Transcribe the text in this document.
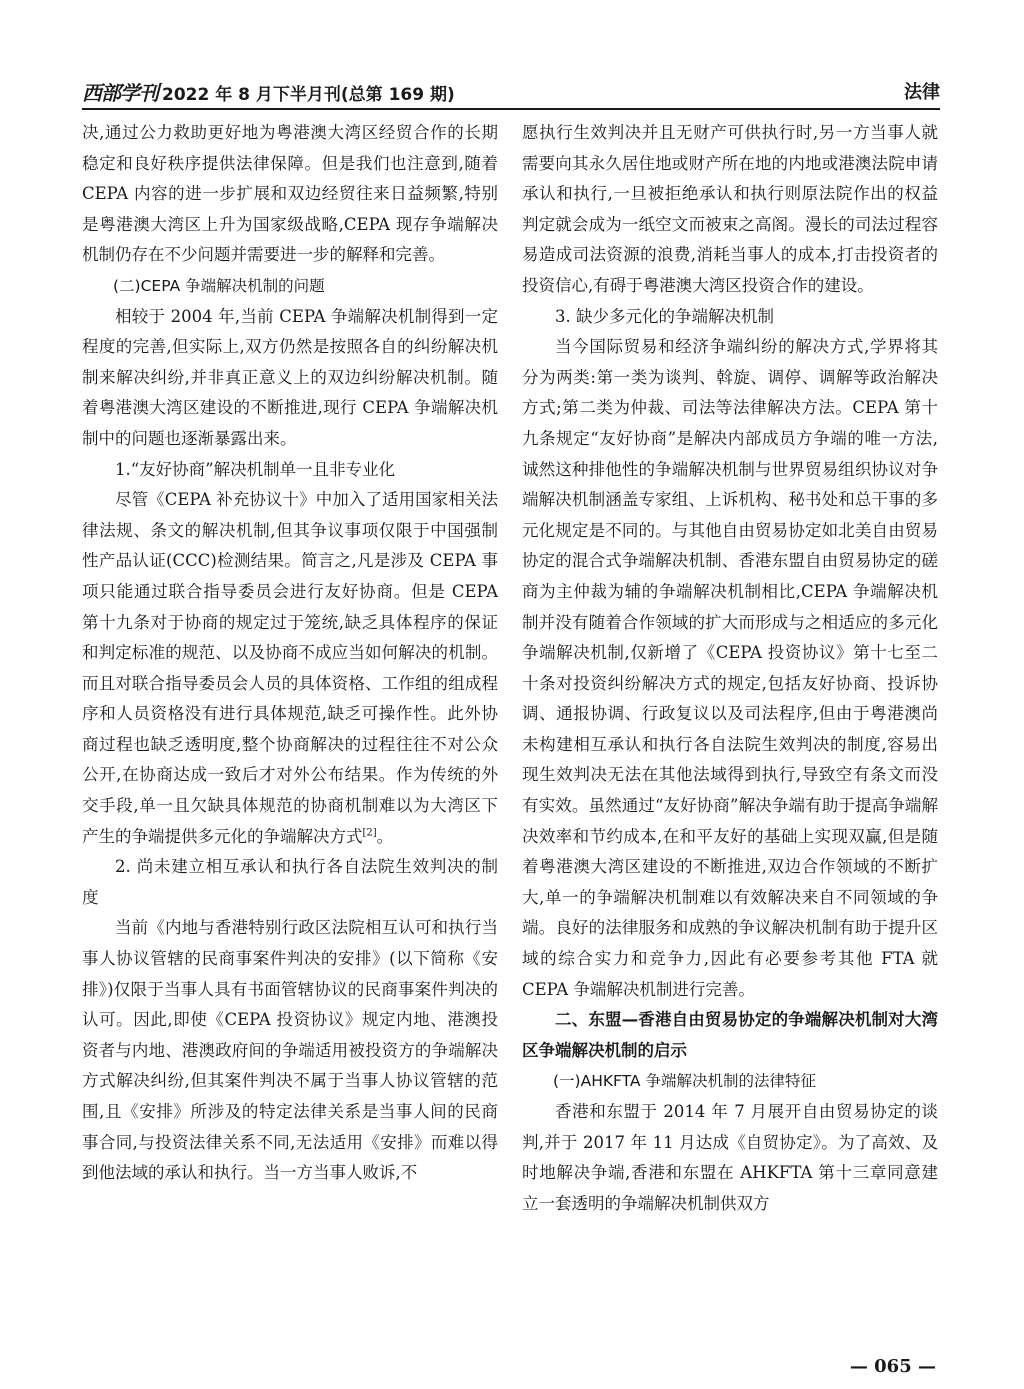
西部学刊 2022 年 8 月下半月刊(总第 169 期)	法律

决,通过公力救助更好地为粤港澳大湾区经贸合作的长期稳定和良好秩序提供法律保障。但是我们也注意到,随着 CEPA 内容的进一步扩展和双边经贸往来日益频繁,特别是粤港澳大湾区上升为国家级战略,CEPA 现存争端解决机制仍存在不少问题并需要进一步的解释和完善。

(二)CEPA 争端解决机制的问题

相较于 2004 年,当前 CEPA 争端解决机制得到一定程度的完善,但实际上,双方仍然是按照各自的纠纷解决机制来解决纠纷,并非真正意义上的双边纠纷解决机制。随着粤港澳大湾区建设的不断推进,现行 CEPA 争端解决机制中的问题也逐渐暴露出来。

1.“友好协商”解决机制单一且非专业化

尽管《CEPA 补充协议十》中加入了适用国家相关法律法规、条文的解决机制,但其争议事项仅限于中国强制性产品认证(CCC)检测结果。简言之,凡是涉及 CEPA 事项只能通过联合指导委员会进行友好协商。但是 CEPA 第十九条对于协商的规定过于笼统,缺乏具体程序的保证和判定标准的规范、以及协商不成应当如何解决的机制。而且对联合指导委员会人员的具体资格、工作组的组成程序和人员资格没有进行具体规范,缺乏可操作性。此外协商过程也缺乏透明度,整个协商解决的过程往往不对公众公开,在协商达成一致后才对外公布结果。作为传统的外交手段,单一且欠缺具体规范的协商机制难以为大湾区下产生的争端提供多元化的争端解决方式[2]。

2. 尚未建立相互承认和执行各自法院生效判决的制度

当前《内地与香港特别行政区法院相互认可和执行当事人协议管辖的民商事案件判决的安排》(以下简称《安排》)仅限于当事人具有书面管辖协议的民商事案件判决的认可。因此,即使《CEPA 投资协议》规定内地、港澳投资者与内地、港澳政府间的争端适用被投资方的争端解决方式解决纠纷,但其案件判决不属于当事人协议管辖的范围,且《安排》所涉及的特定法律关系是当事人间的民商事合同,与投资法律关系不同,无法适用《安排》而难以得到他法域的承认和执行。当一方当事人败诉,不

愿执行生效判决并且无财产可供执行时,另一方当事人就需要向其永久居住地或财产所在地的内地或港澳法院申请承认和执行,一旦被拒绝承认和执行则原法院作出的权益判定就会成为一纸空文而被束之高阁。漫长的司法过程容易造成司法资源的浪费,消耗当事人的成本,打击投资者的投资信心,有碍于粤港澳大湾区投资合作的建设。

3. 缺少多元化的争端解决机制

当今国际贸易和经济争端纠纷的解决方式,学界将其分为两类:第一类为谈判、斡旋、调停、调解等政治解决方式;第二类为仲裁、司法等法律解决方法。CEPA 第十九条规定“友好协商”是解决内部成员方争端的唯一方法,诚然这种排他性的争端解决机制与世界贸易组织协议对争端解决机制涵盖专家组、上诉机构、秘书处和总干事的多元化规定是不同的。与其他自由贸易协定如北美自由贸易协定的混合式争端解决机制、香港东盟自由贸易协定的磋商为主仲裁为辅的争端解决机制相比,CEPA 争端解决机制并没有随着合作领域的扩大而形成与之相适应的多元化争端解决机制,仅新增了《CEPA 投资协议》第十七至二十条对投资纠纷解决方式的规定,包括友好协商、投诉协调、通报协调、行政复议以及司法程序,但由于粤港澳尚未构建相互承认和执行各自法院生效判决的制度,容易出现生效判决无法在其他法域得到执行,导致空有条文而没有实效。虽然通过“友好协商”解决争端有助于提高争端解决效率和节约成本,在和平友好的基础上实现双赢,但是随着粤港澳大湾区建设的不断推进,双边合作领域的不断扩大,单一的争端解决机制难以有效解决来自不同领域的争端。良好的法律服务和成熟的争议解决机制有助于提升区域的综合实力和竞争力,因此有必要参考其他 FTA 就 CEPA 争端解决机制进行完善。

二、东盟—香港自由贸易协定的争端解决机制对大湾区争端解决机制的启示

(一)AHKFTA 争端解决机制的法律特征

香港和东盟于 2014 年 7 月展开自由贸易协定的谈判,并于 2017 年 11 月达成《自贸协定》。为了高效、及时地解决争端,香港和东盟在 AHKFTA 第十三章同意建立一套透明的争端解决机制供双方

— 065 —
